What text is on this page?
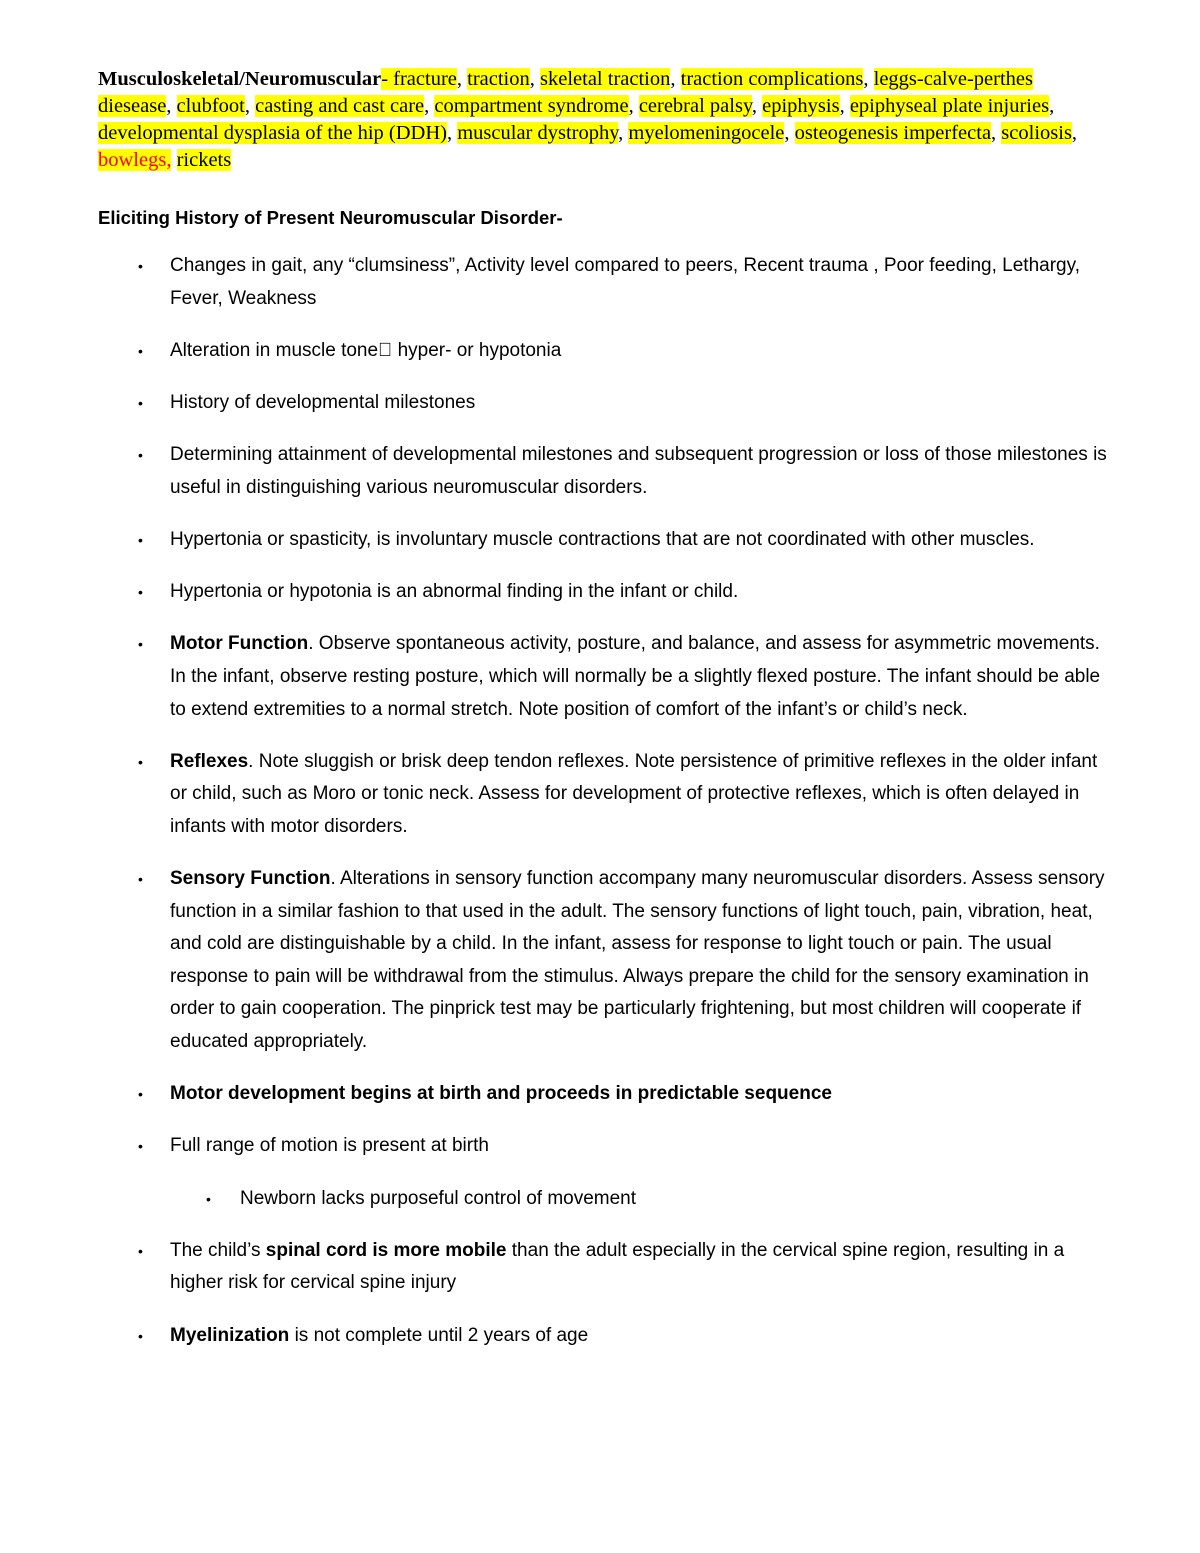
Musculoskeletal/Neuromuscular- fracture, traction, skeletal traction, traction complications, leggs-calve-perthes diesease, clubfoot, casting and cast care, compartment syndrome, cerebral palsy, epiphysis, epiphyseal plate injuries, developmental dysplasia of the hip (DDH), muscular dystrophy, myelomeningocele, osteogenesis imperfecta, scoliosis, bowlegs, rickets

Eliciting History of Present Neuromuscular Disorder-
• Changes in gait, any “clumsiness”, Activity level compared to peers, Recent trauma , Poor feeding, Lethargy, Fever, Weakness
• Alteration in muscle tone hyper- or hypotonia
• History of developmental milestones
• Determining attainment of developmental milestones and subsequent progression or loss of those milestones is useful in distinguishing various neuromuscular disorders.
• Hypertonia or spasticity, is involuntary muscle contractions that are not coordinated with other muscles.
• Hypertonia or hypotonia is an abnormal finding in the infant or child.
• Motor Function. Observe spontaneous activity, posture, and balance, and assess for asymmetric movements. In the infant, observe resting posture, which will normally be a slightly flexed posture. The infant should be able to extend extremities to a normal stretch. Note position of comfort of the infant’s or child’s neck.
• Reflexes. Note sluggish or brisk deep tendon reflexes. Note persistence of primitive reflexes in the older infant or child, such as Moro or tonic neck. Assess for development of protective reflexes, which is often delayed in infants with motor disorders.
• Sensory Function. Alterations in sensory function accompany many neuromuscular disorders. Assess sensory function in a similar fashion to that used in the adult. The sensory functions of light touch, pain, vibration, heat, and cold are distinguishable by a child. In the infant, assess for response to light touch or pain. The usual response to pain will be withdrawal from the stimulus. Always prepare the child for the sensory examination in order to gain cooperation. The pinprick test may be particularly frightening, but most children will cooperate if educated appropriately.
• Motor development begins at birth and proceeds in predictable sequence
• Full range of motion is present at birth
• Newborn lacks purposeful control of movement
• The child’s spinal cord is more mobile than the adult especially in the cervical spine region, resulting in a higher risk for cervical spine injury
• Myelinization is not complete until 2 years of age
